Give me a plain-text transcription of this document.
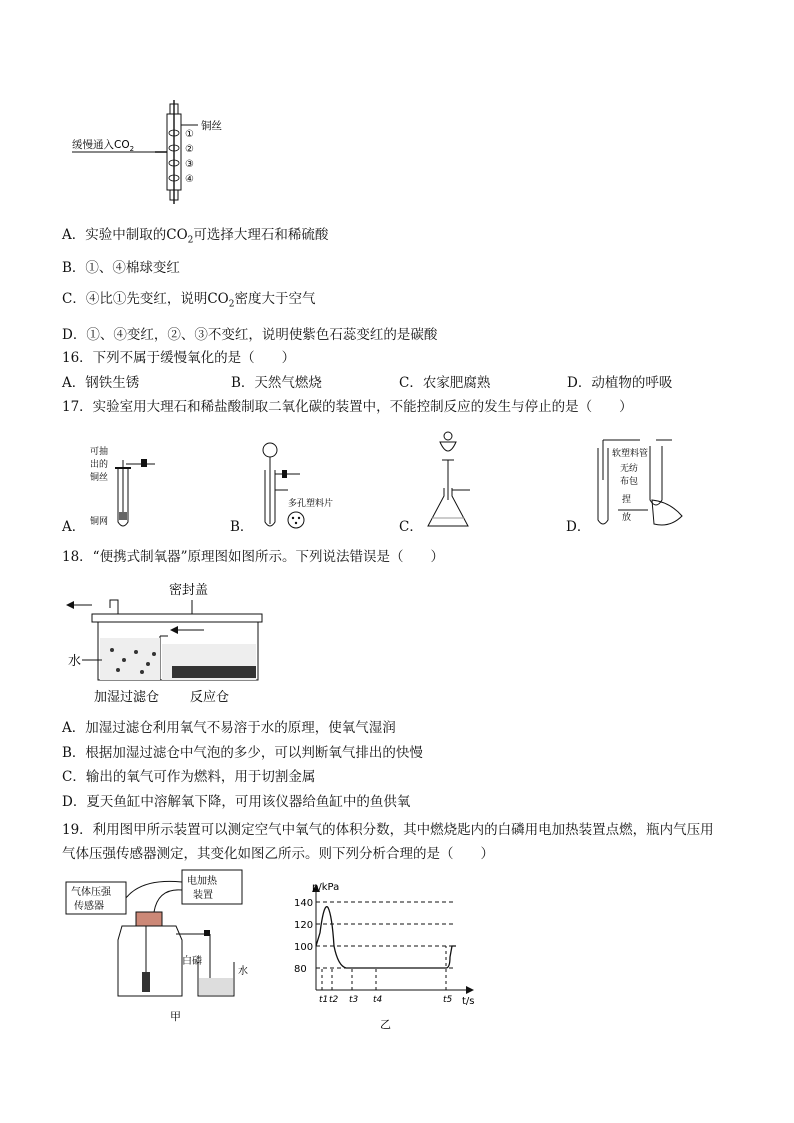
缓慢通入$CO_2$
铜丝
①
②
③
④
A．实验中制取的$CO_2$可选择大理石和稀硫酸
B．①、④棉球变红
C．④比①先变红，说明$CO_2$密度大于空气
D．①、④变红，②、③不变红，说明使紫色石蕊变红的是碳酸
16．下列不属于缓慢氧化的是（　　）
A．钢铁生锈	B．天然气燃烧	C．农家肥腐熟	D．动植物的呼吸
17．实验室用大理石和稀盐酸制取二氧化碳的装置中，不能控制反应的发生与停止的是（　　）
A．
可抽
出的
铜丝
铜网	B．
多孔塑料片
C．	D．
软塑料管
无纺
布包
捏
放
18．“便携式制氧器”原理图如图所示。下列说法错误是（　　）
密封盖
水
加湿过滤仓 反应仓
A．加湿过滤仓利用氧气不易溶于水的原理，使氧气湿润
B．根据加湿过滤仓中气泡的多少，可以判断氧气排出的快慢
C．输出的氧气可作为燃料，用于切割金属
D．夏天鱼缸中溶解氧下降，可用该仪器给鱼缸中的鱼供氧
19．利用图甲所示装置可以测定空气中氧气的体积分数，其中燃烧匙内的白磷用电加热装置点燃，瓶内气压用
气体压强传感器测定，其变化如图乙所示。则下列分析合理的是（　　）
气体压强
传感器
电加热
装置
白磷
水
甲
p/kPa
t/s
80
100
120
140
t1 t2 t3 t4	t5
乙
